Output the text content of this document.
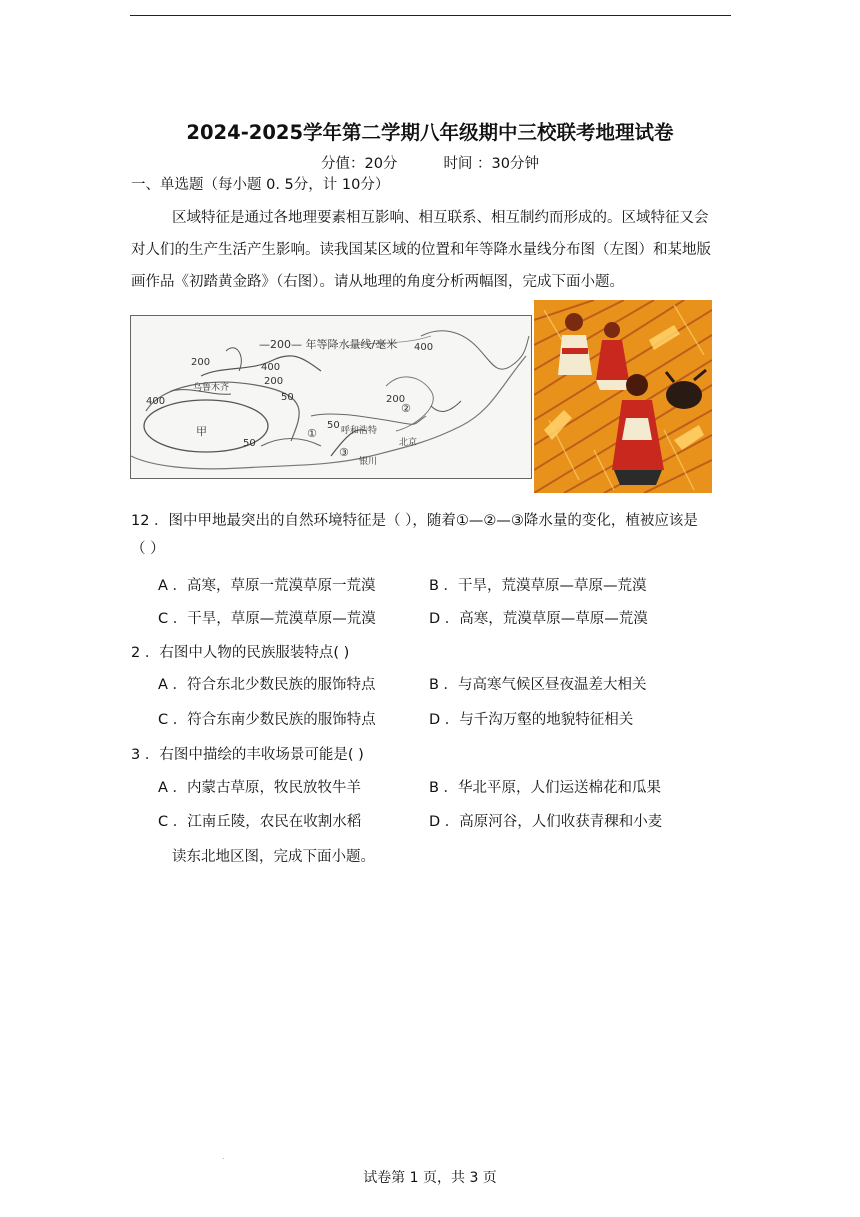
2024-2025学年第二学期八年级期中三校联考地理试卷
分值：20分	时间 ：30分钟
一、单选题（每小题 0. 5分，计 10分）
区域特征是通过各地理要素相互影响、相互联系、相互制约而形成的。区域特征又会
对人们的生产生活产生影响。读我国某区域的位置和年等降水量线分布图（左图）和某地版
画作品《初踏黄金路》（右图）。请从地理的角度分析两幅图，完成下面小题。
—200— 年等降水量线/毫米 400
200	400
200
400	50	200
50
50
乌鲁木齐
甲	呼和浩特
北京
银川
①
②
③
12 ．图中甲地最突出的自然环境特征是（ ），随着①—②—③降水量的变化，植被应该是
（ ）
A ．高寒，草原一荒漠草原一荒漠	B ．干旱，荒漠草原—草原—荒漠
C ．干旱，草原—荒漠草原—荒漠	D ．高寒，荒漠草原—草原—荒漠
2 ．右图中人物的民族服装特点( )
A ．符合东北少数民族的服饰特点	B ．与高寒气候区昼夜温差大相关
C ．符合东南少数民族的服饰特点	D ．与千沟万壑的地貌特征相关
3 ．右图中描绘的丰收场景可能是( )
A ．内蒙古草原，牧民放牧牛羊	B ．华北平原，人们运送棉花和瓜果
C ．江南丘陵，农民在收割水稻	D ．高原河谷，人们收获青稞和小麦
读东北地区图，完成下面小题。
.
试卷第 1 页，共 3 页
